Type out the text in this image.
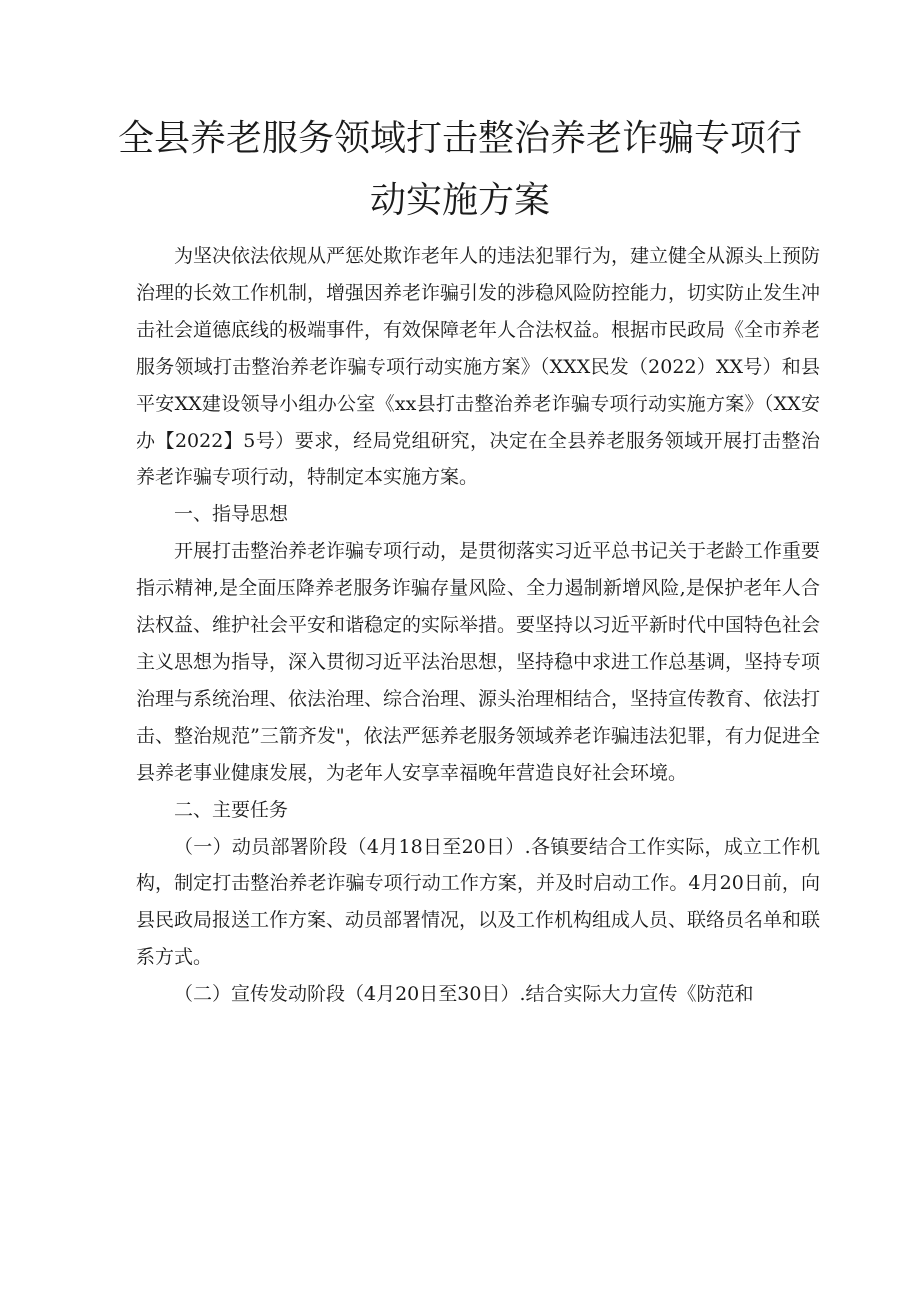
全县养老服务领域打击整治养老诈骗专项行
动实施方案

为坚决依法依规从严惩处欺诈老年人的违法犯罪行为，建立健全从源头上预防治理的长效工作机制，增强因养老诈骗引发的涉稳风险防控能力，切实防止发生冲击社会道德底线的极端事件，有效保障老年人合法权益。根据市民政局《全市养老服务领域打击整治养老诈骗专项行动实施方案》（XXX民发（2022）XX号）和县平安XX建设领导小组办公室《xx县打击整治养老诈骗专项行动实施方案》（XX安办【2022】5号）要求，经局党组研究，决定在全县养老服务领域开展打击整治养老诈骗专项行动，特制定本实施方案。

一、指导思想

开展打击整治养老诈骗专项行动，是贯彻落实习近平总书记关于老龄工作重要指示精神,是全面压降养老服务诈骗存量风险、全力遏制新增风险,是保护老年人合法权益、维护社会平安和谐稳定的实际举措。要坚持以习近平新时代中国特色社会主义思想为指导，深入贯彻习近平法治思想，坚持稳中求进工作总基调，坚持专项治理与系统治理、依法治理、综合治理、源头治理相结合，坚持宣传教育、依法打击、整治规范”三箭齐发"，依法严惩养老服务领域养老诈骗违法犯罪，有力促进全县养老事业健康发展，为老年人安享幸福晚年营造良好社会环境。

二、主要任务

（一）动员部署阶段（4月18日至20日）.各镇要结合工作实际，成立工作机构，制定打击整治养老诈骗专项行动工作方案，并及时启动工作。4月20日前，向县民政局报送工作方案、动员部署情况，以及工作机构组成人员、联络员名单和联系方式。

（二）宣传发动阶段（4月20日至30日）.结合实际大力宣传《防范和
